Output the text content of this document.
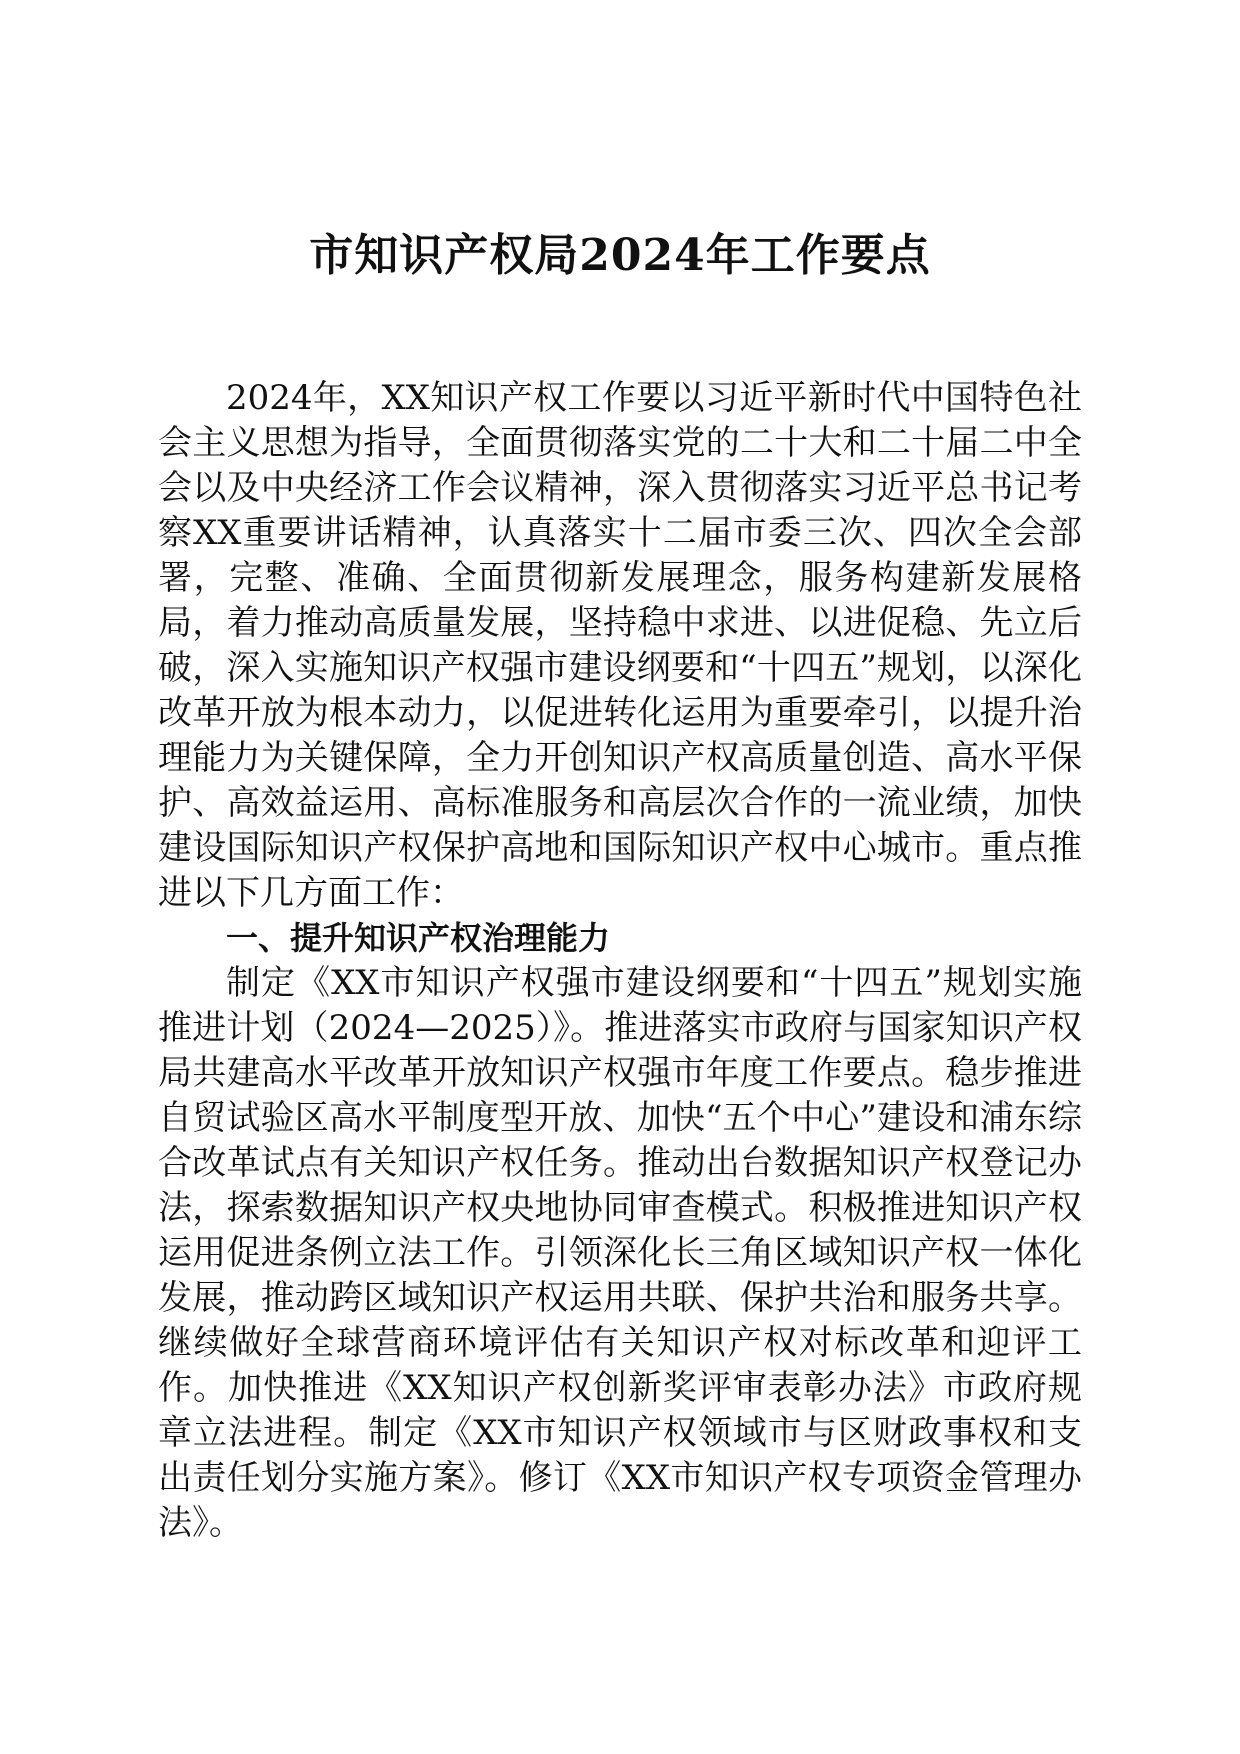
市知识产权局2024年工作要点

2024年，XX知识产权工作要以习近平新时代中国特色社会主义思想为指导，全面贯彻落实党的二十大和二十届二中全会以及中央经济工作会议精神，深入贯彻落实习近平总书记考察XX重要讲话精神，认真落实十二届市委三次、四次全会部署，完整、准确、全面贯彻新发展理念，服务构建新发展格局，着力推动高质量发展，坚持稳中求进、以进促稳、先立后破，深入实施知识产权强市建设纲要和“十四五”规划，以深化改革开放为根本动力，以促进转化运用为重要牵引，以提升治理能力为关键保障，全力开创知识产权高质量创造、高水平保护、高效益运用、高标准服务和高层次合作的一流业绩，加快建设国际知识产权保护高地和国际知识产权中心城市。重点推进以下几方面工作：

一、提升知识产权治理能力

制定《XX市知识产权强市建设纲要和“十四五”规划实施推进计划（2024—2025）》。推进落实市政府与国家知识产权局共建高水平改革开放知识产权强市年度工作要点。稳步推进自贸试验区高水平制度型开放、加快“五个中心”建设和浦东综合改革试点有关知识产权任务。推动出台数据知识产权登记办法，探索数据知识产权央地协同审查模式。积极推进知识产权运用促进条例立法工作。引领深化长三角区域知识产权一体化发展，推动跨区域知识产权运用共联、保护共治和服务共享。继续做好全球营商环境评估有关知识产权对标改革和迎评工作。加快推进《XX知识产权创新奖评审表彰办法》市政府规章立法进程。制定《XX市知识产权领域市与区财政事权和支出责任划分实施方案》。修订《XX市知识产权专项资金管理办法》。
